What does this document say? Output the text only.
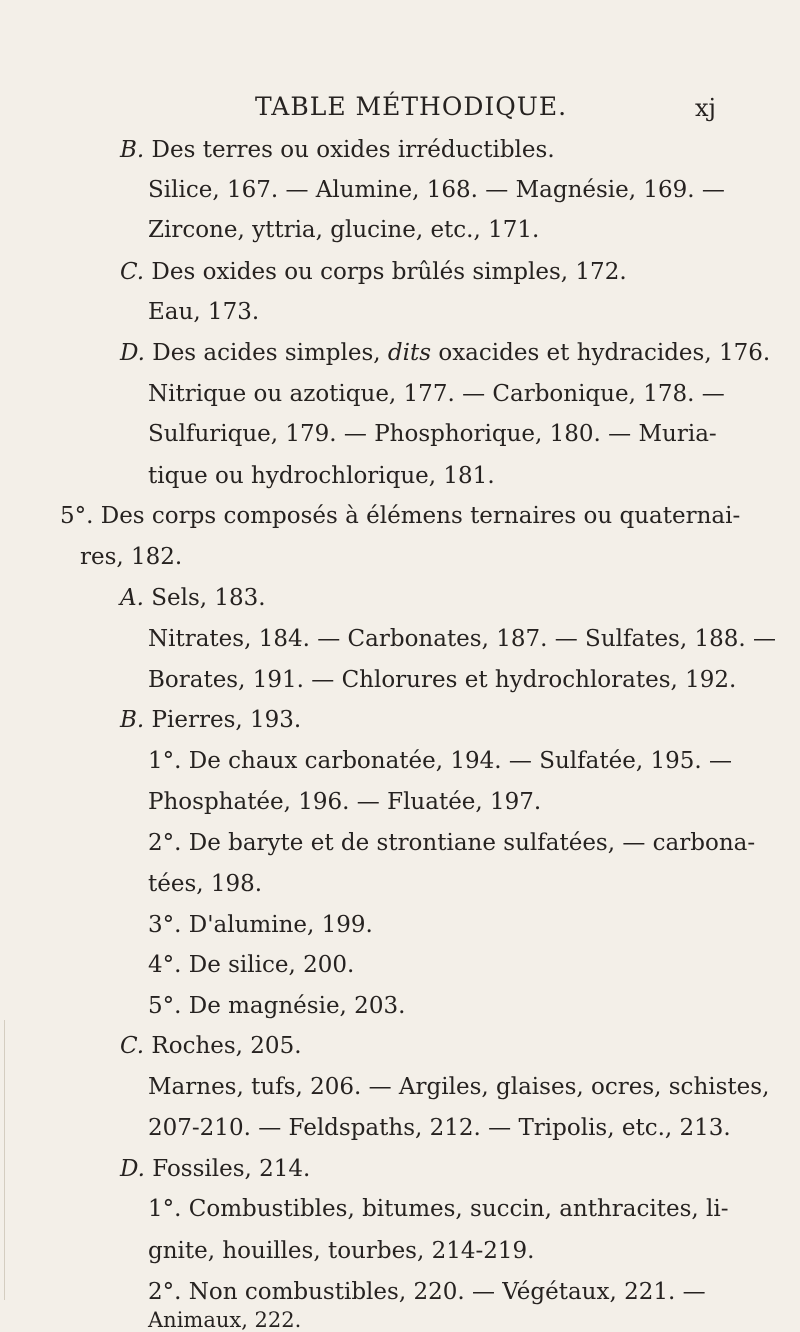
TABLE MÉTHODIQUE.	xj
B. Des terres ou oxides irréductibles.
Silice, 167. — Alumine, 168. — Magnésie, 169. —
Zircone, yttria, glucine, etc., 171.
C. Des oxides ou corps brûlés simples, 172.
Eau, 173.
D. Des acides simples, dits oxacides et hydracides, 176.
Nitrique ou azotique, 177. — Carbonique, 178. —
Sulfurique, 179. — Phosphorique, 180. — Muria-
tique ou hydrochlorique, 181.
5°. Des corps composés à élémens ternaires ou quaternai-
res, 182.
A. Sels, 183.
Nitrates, 184. — Carbonates, 187. — Sulfates, 188. —
Borates, 191. — Chlorures et hydrochlorates, 192.
B. Pierres, 193.
1°. De chaux carbonatée, 194. — Sulfatée, 195. —
Phosphatée, 196. — Fluatée, 197.
2°. De baryte et de strontiane sulfatées, — carbona-
tées, 198.
3°. D'alumine, 199.
4°. De silice, 200.
5°. De magnésie, 203.
C. Roches, 205.
Marnes, tufs, 206. — Argiles, glaises, ocres, schistes,
207-210. — Feldspaths, 212. — Tripolis, etc., 213.
D. Fossiles, 214.
1°. Combustibles, bitumes, succin, anthracites, li-
gnite, houilles, tourbes, 214-219.
2°. Non combustibles, 220. — Végétaux, 221. —
Animaux, 222.
